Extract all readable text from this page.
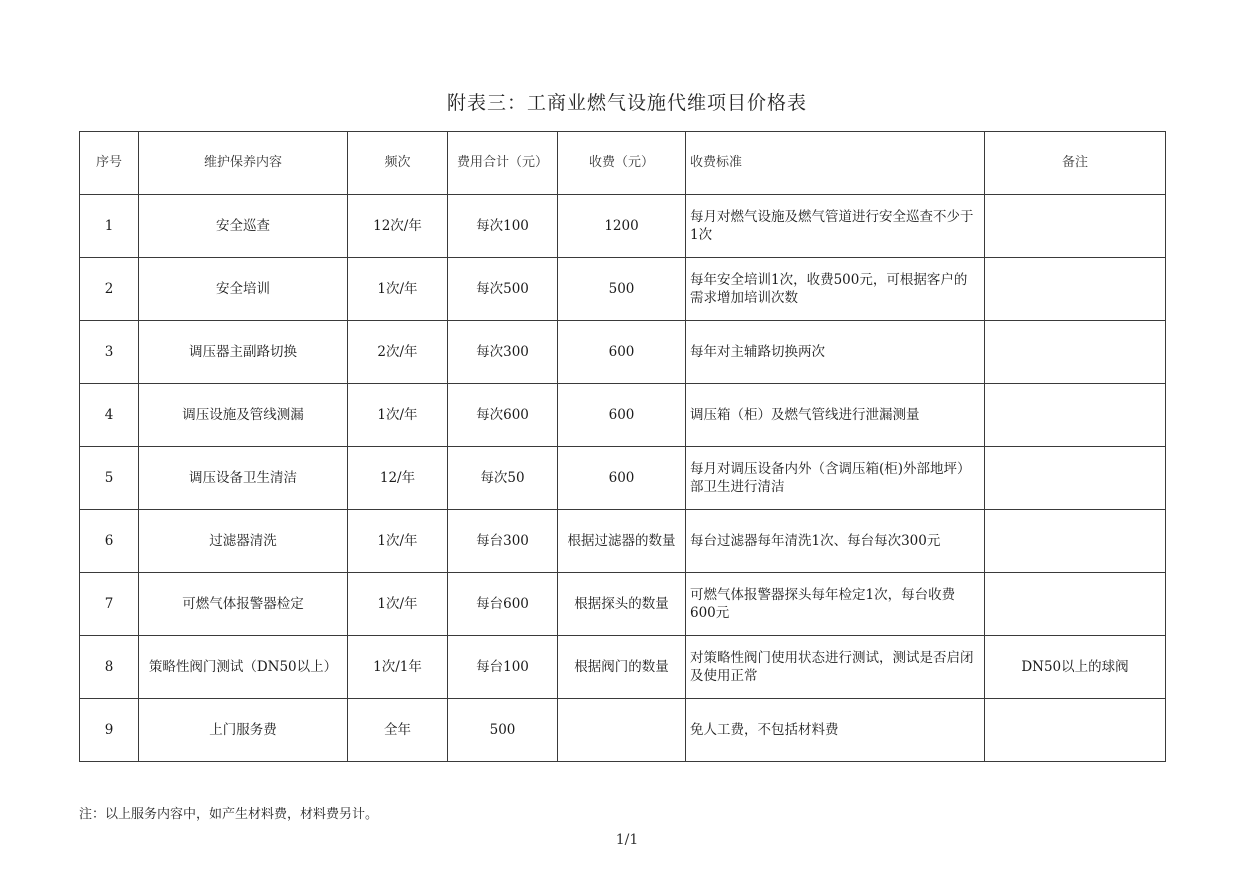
附表三：工商业燃气设施代维项目价格表
序号	维护保养内容	频次	费用合计（元）	收费（元）	收费标准	备注
1	安全巡查	12次/年	每次100	1200	每月对燃气设施及燃气管道进行安全巡查不少于1次	
2	安全培训	1次/年	每次500	500	每年安全培训1次，收费500元，可根据客户的需求增加培训次数	
3	调压器主副路切换	2次/年	每次300	600	每年对主辅路切换两次	
4	调压设施及管线测漏	1次/年	每次600	600	调压箱（柜）及燃气管线进行泄漏测量	
5	调压设备卫生清洁	12/年	每次50	600	每月对调压设备内外（含调压箱(柜)外部地坪）部卫生进行清洁	
6	过滤器清洗	1次/年	每台300	根据过滤器的数量	每台过滤器每年清洗1次、每台每次300元	
7	可燃气体报警器检定	1次/年	每台600	根据探头的数量	可燃气体报警器探头每年检定1次，每台收费600元	
8	策略性阀门测试（DN50以上）	1次/1年	每台100	根据阀门的数量	对策略性阀门使用状态进行测试，测试是否启闭及使用正常	DN50以上的球阀
9	上门服务费	全年	500		免人工费，不包括材料费	
注：以上服务内容中，如产生材料费，材料费另计。
1/1
